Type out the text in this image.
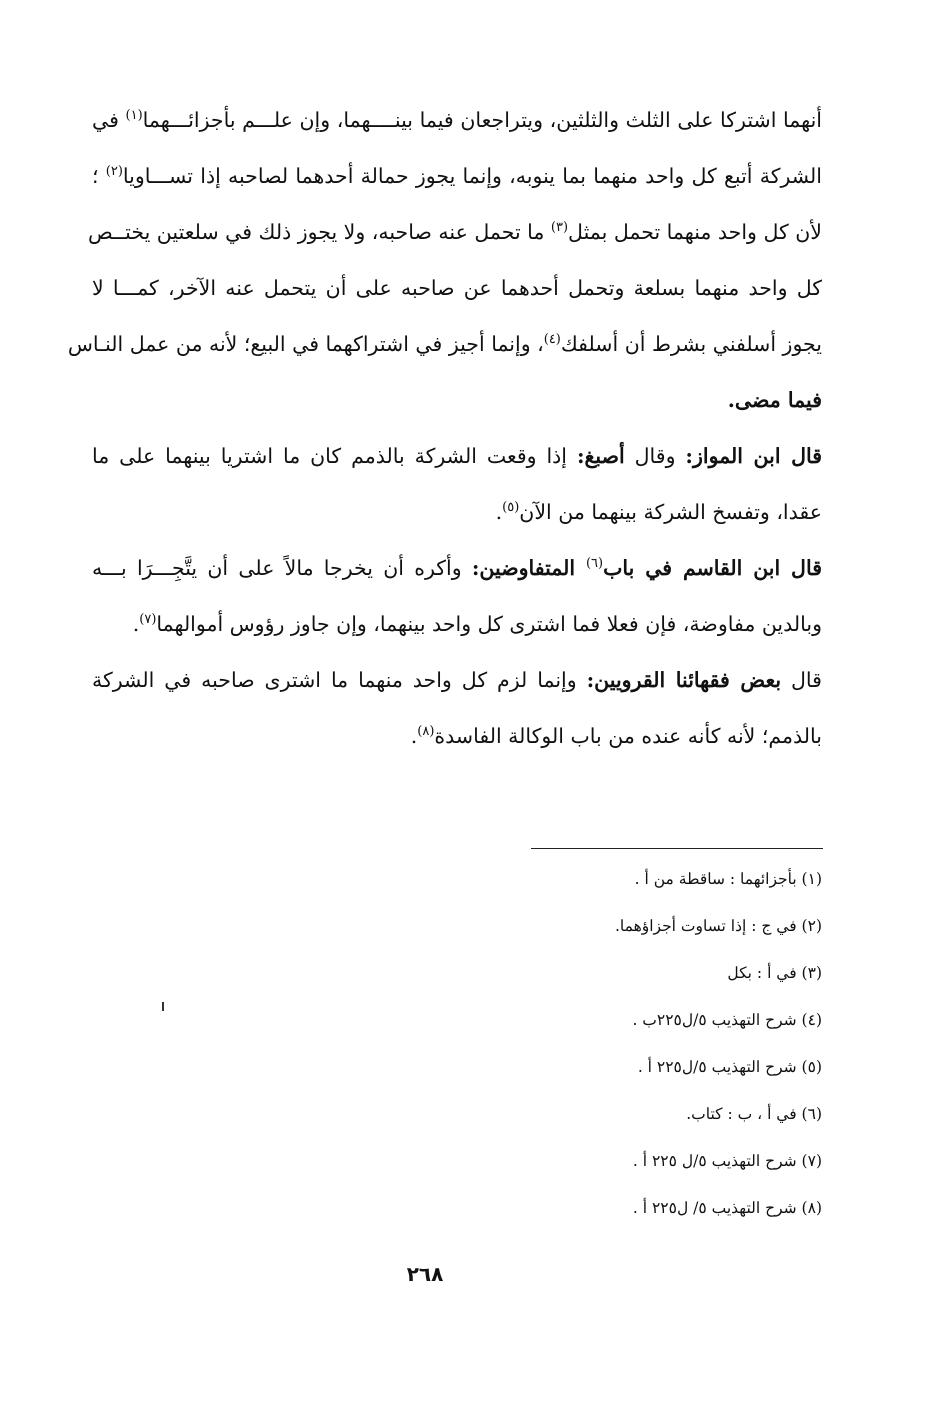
أنهما اشتركا على الثلث والثلثين، ويتراجعان فيما بينــــهما، وإن علـــم بأجزائـــهما$^{(١)}$ في
الشركة أتبع كل واحد منهما بما ينوبه، وإنما يجوز حمالة أحدهما لصاحبه إذا تســـاويا$^{(٢)}$ ؛
لأن كل واحد منهما تحمل بمثل$^{(٣)}$ ما تحمل عنه صاحبه، ولا يجوز ذلك في سلعتين يختــص
كل واحد منهما بسلعة وتحمل أحدهما عن صاحبه على أن يتحمل عنه الآخر، كمـــا لا
يجوز أسلفني بشرط أن أسلفك$^{(٤)}$، وإنما أجيز في اشتراكهما في البيع؛ لأنه من عمل النـاس
فيما مضى.
قال ابن المواز: وقال أصبغ: إذا وقعت الشركة بالذمم كان ما اشتريا بينهما على ما
عقدا، وتفسخ الشركة بينهما من الآن$^{(٥)}$.
قال ابن القاسم في باب$^{(٦)}$ المتفاوضين: وأكره أن يخرجا مالاً على أن يتَّجِـــرَا بـــه
وبالدين مفاوضة، فإن فعلا فما اشترى كل واحد بينهما، وإن جاوز رؤوس أموالهما$^{(٧)}$.
قال بعض فقهائنا القرويين: وإنما لزم كل واحد منهما ما اشترى صاحبه في الشركة
بالذمم؛ لأنه كأنه عنده من باب الوكالة الفاسدة$^{(٨)}$.
(١) بأجزائهما : ساقطة من أ .
(٢) في ج : إذا تساوت أجزاؤهما.
(٣) في أ : بكل
(٤) شرح التهذيب ٥/ل٢٢٥ب .
(٥) شرح التهذيب ٥/ل٢٢٥ أ .
(٦) في أ ، ب : كتاب.
(٧) شرح التهذيب ٥/ل ٢٢٥ أ .
(٨) شرح التهذيب ٥/ ل٢٢٥ أ .
٢٦٨
